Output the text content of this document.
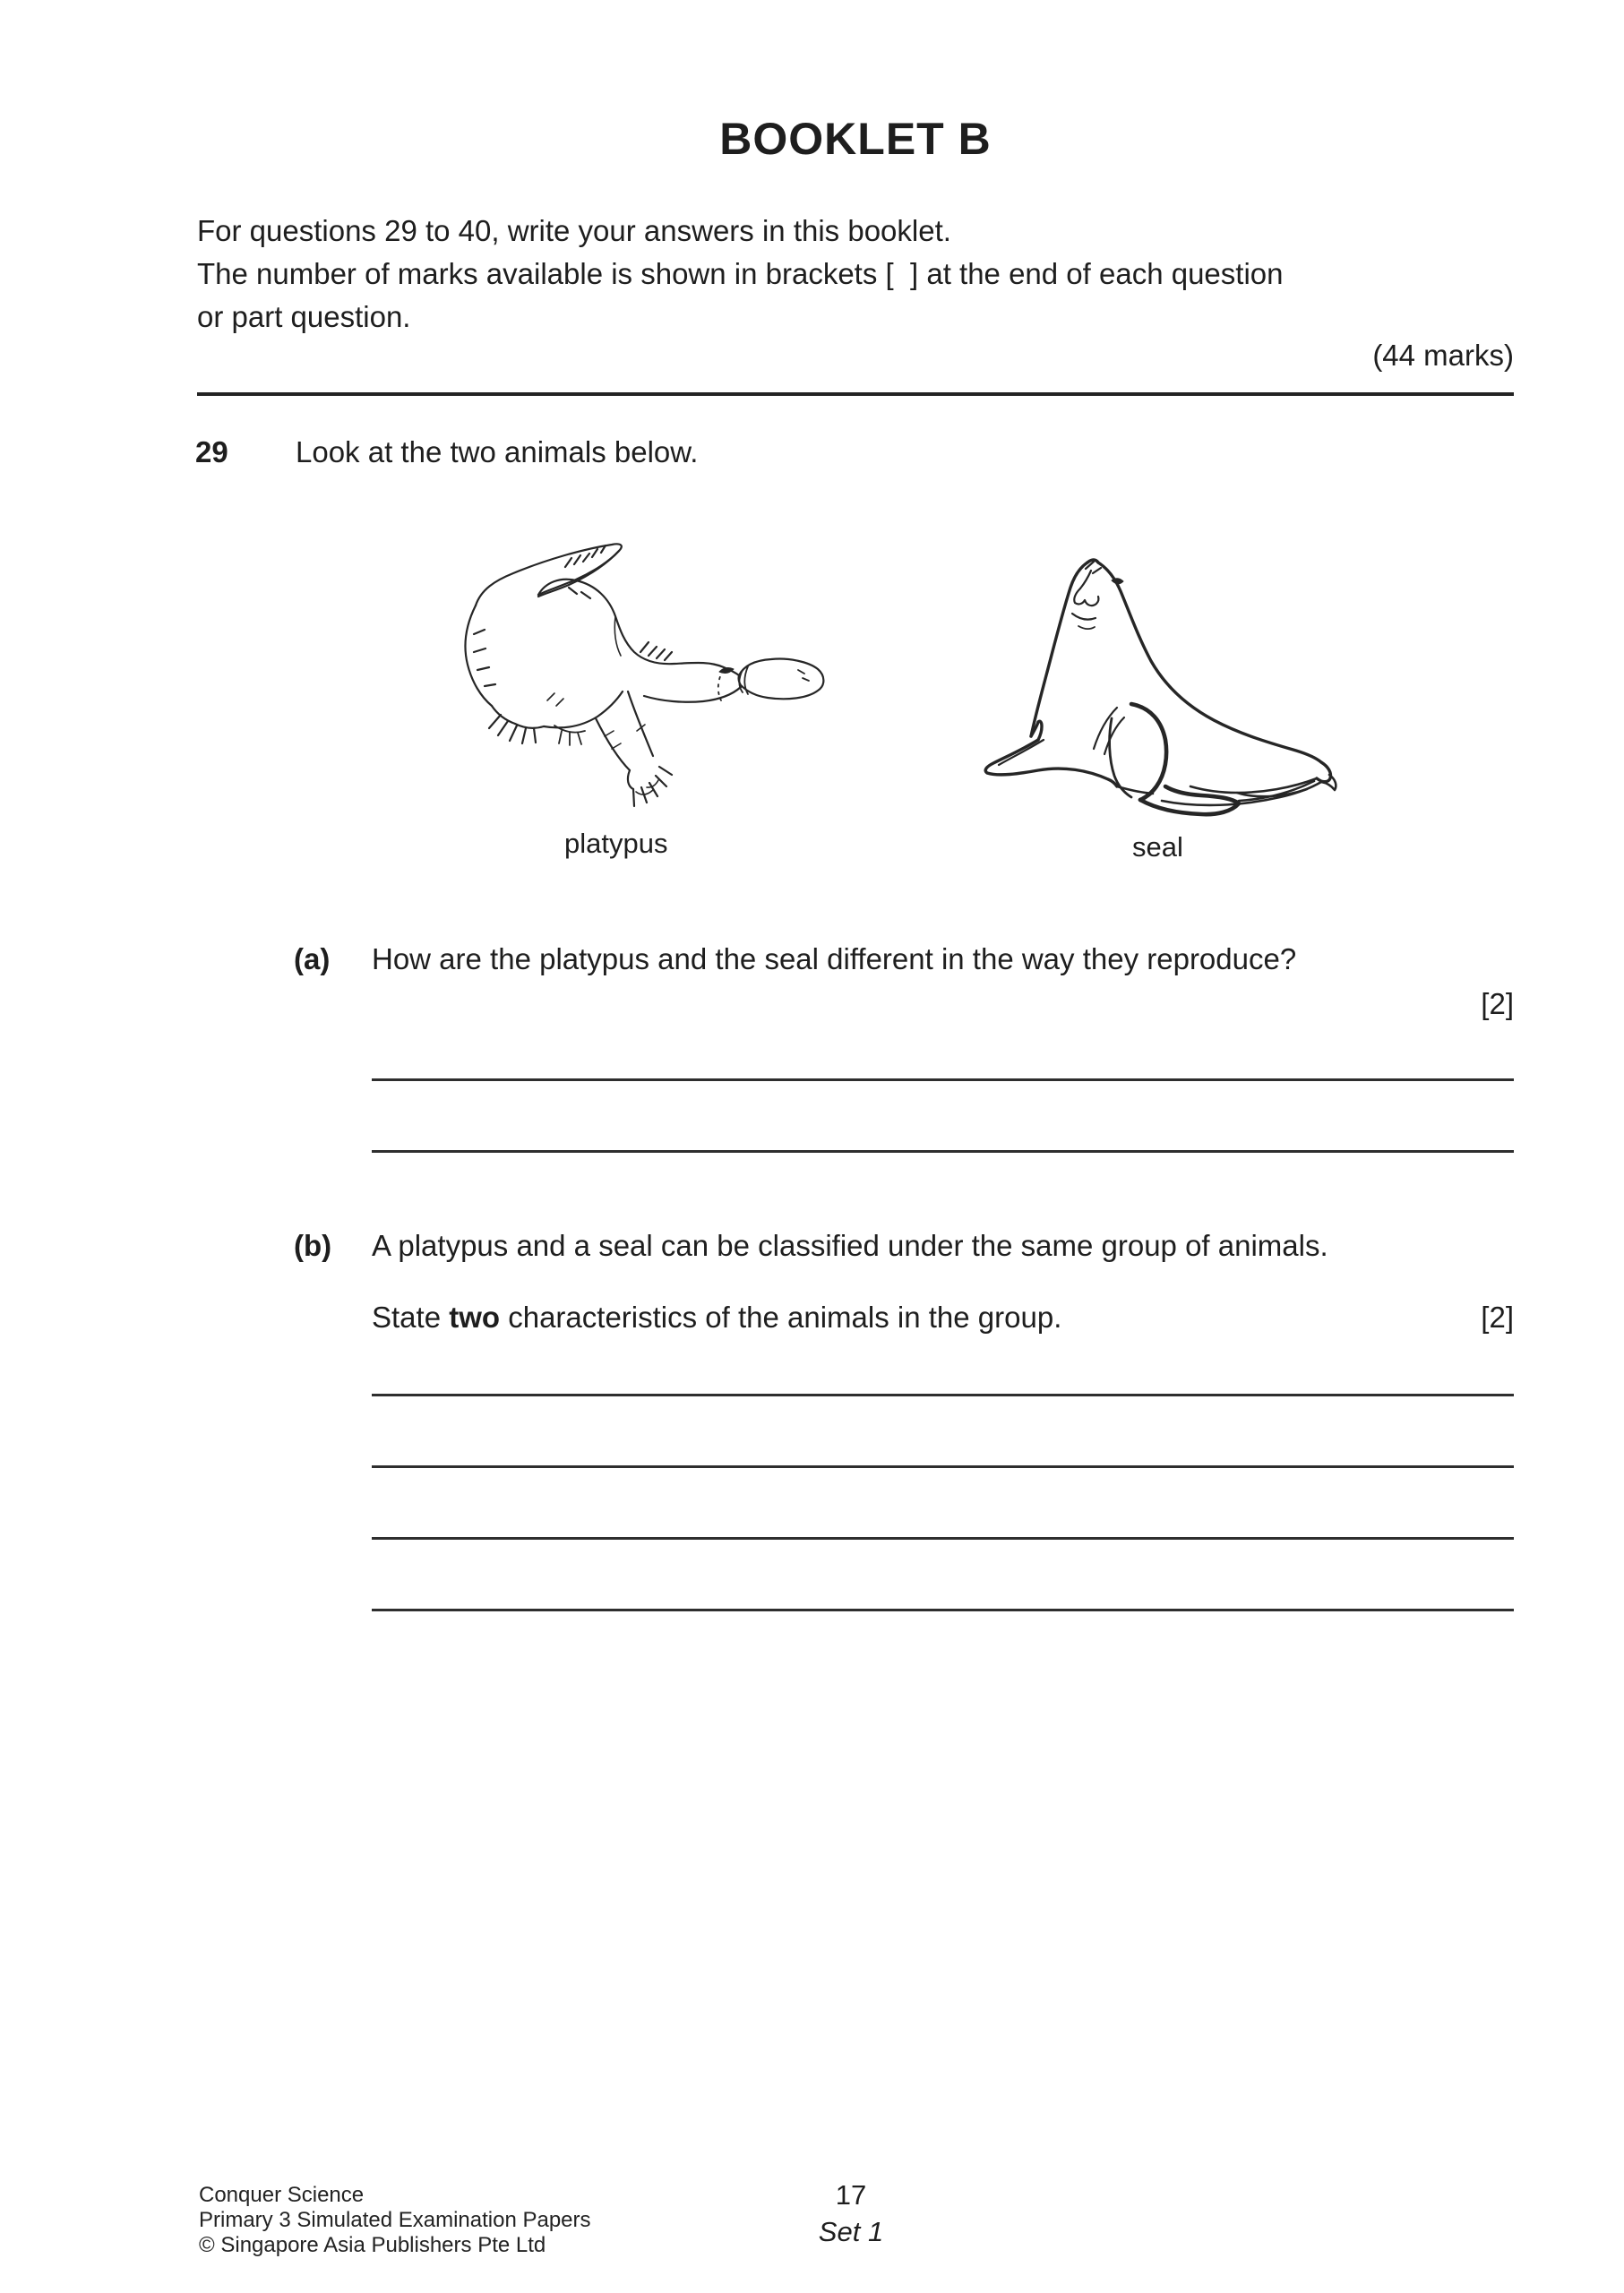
BOOKLET B
For questions 29 to 40, write your answers in this booklet.
The number of marks available is shown in brackets [  ] at the end of each question
or part question.
(44 marks)
29 Look at the two animals below.
platypus	seal
(a) How are the platypus and the seal different in the way they reproduce?
[2]
(b) A platypus and a seal can be classified under the same group of animals.
State two characteristics of the animals in the group.	[2]
Conquer Science
Primary 3 Simulated Examination Papers
© Singapore Asia Publishers Pte Ltd
17
Set 1
